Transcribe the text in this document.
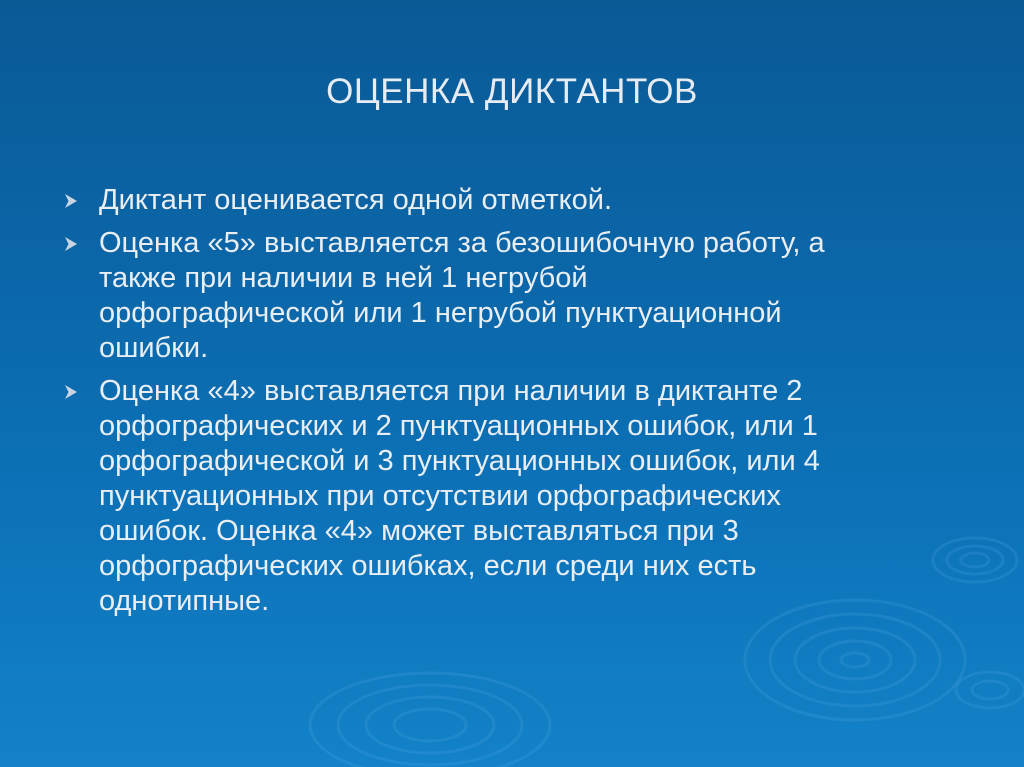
ОЦЕНКА ДИКТАНТОВ
Диктант оценивается одной отметкой.
Оценка «5» выставляется за безошибочную работу, а
также при наличии в ней 1 негрубой
орфографической или 1 негрубой пунктуационной
ошибки.
Оценка «4» выставляется при наличии в диктанте 2
орфографических и 2 пунктуационных ошибок, или 1
орфографической и 3 пунктуационных ошибок, или 4
пунктуационных при отсутствии орфографических
ошибок. Оценка «4» может выставляться при 3
орфографических ошибках, если среди них есть
однотипные.
